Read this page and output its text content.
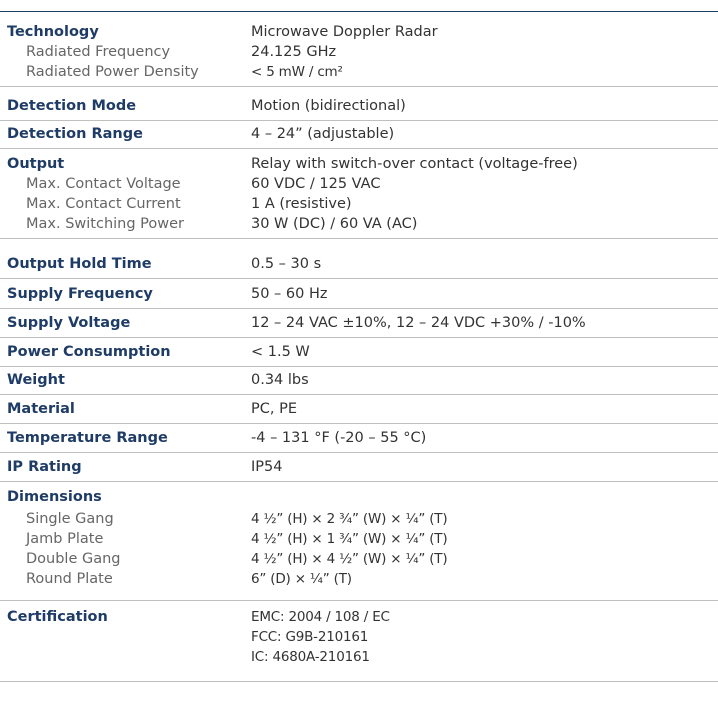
Technology	Microwave Doppler Radar
Radiated Frequency	24.125 GHz
Radiated Power Density	< 5 mW / cm²
Detection Mode	Motion (bidirectional)
Detection Range	4 – 24” (adjustable)
Output	Relay with switch-over contact (voltage-free)
Max. Contact Voltage	60 VDC / 125 VAC
Max. Contact Current	1 A (resistive)
Max. Switching Power	30 W (DC) / 60 VA (AC)
Output Hold Time	0.5 – 30 s
Supply Frequency	50 – 60 Hz
Supply Voltage	12 – 24 VAC ±10%, 12 – 24 VDC +30% / -10%
Power Consumption	< 1.5 W
Weight	0.34 lbs
Material	PC, PE
Temperature Range	-4 – 131 °F (-20 – 55 °C)
IP Rating	IP54
Dimensions
Single Gang	4 ½” (H) × 2 ¾” (W) × ¼” (T)
Jamb Plate	4 ½” (H) × 1 ¾” (W) × ¼” (T)
Double Gang	4 ½” (H) × 4 ½” (W) × ¼” (T)
Round Plate	6” (D) × ¼” (T)
Certification	EMC: 2004 / 108 / EC
FCC: G9B-210161
IC: 4680A-210161
